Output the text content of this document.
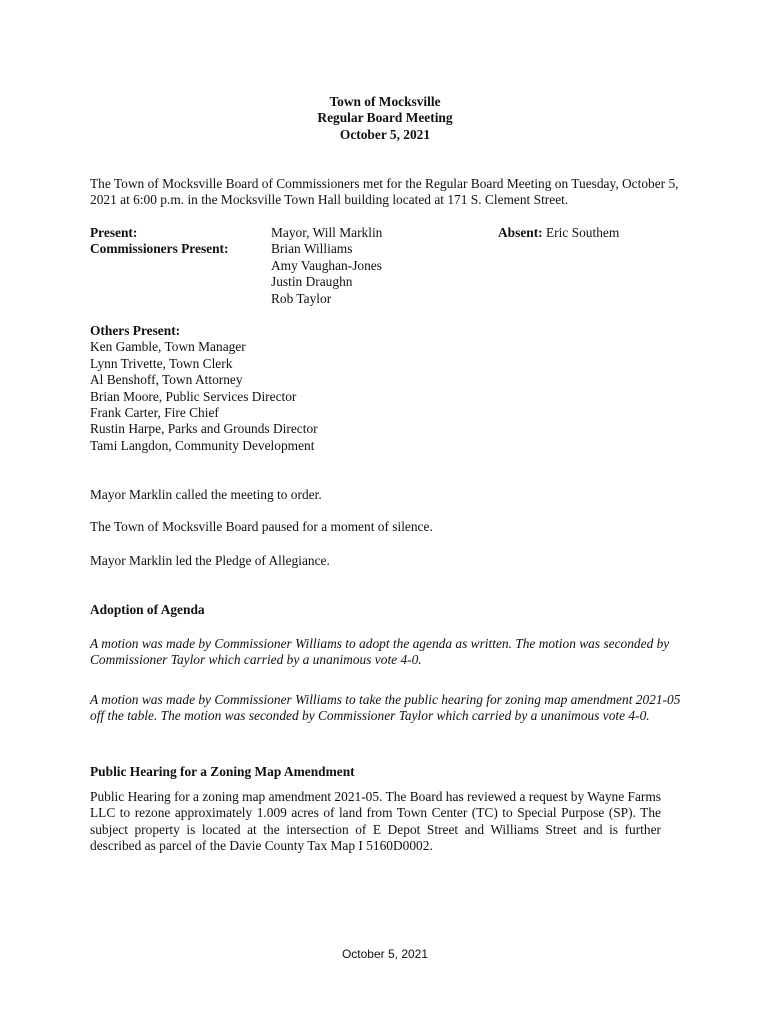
Town of Mocksville
Regular Board Meeting
October 5, 2021
The Town of Mocksville Board of Commissioners met for the Regular Board Meeting on Tuesday, October 5, 2021 at 6:00 p.m. in the Mocksville Town Hall building located at 171 S. Clement Street.
Present:
Commissioners Present:
Mayor, Will Marklin
Brian Williams
Amy Vaughan-Jones
Justin Draughn
Rob Taylor
Absent: Eric Southem
Others Present:
Ken Gamble, Town Manager
Lynn Trivette, Town Clerk
Al Benshoff, Town Attorney
Brian Moore, Public Services Director
Frank Carter, Fire Chief
Rustin Harpe, Parks and Grounds Director
Tami Langdon, Community Development
Mayor Marklin called the meeting to order.
The Town of Mocksville Board paused for a moment of silence.
Mayor Marklin led the Pledge of Allegiance.
Adoption of Agenda
A motion was made by Commissioner Williams to adopt the agenda as written. The motion was seconded by Commissioner Taylor which carried by a unanimous vote 4-0.
A motion was made by Commissioner Williams to take the public hearing for zoning map amendment 2021-05 off the table. The motion was seconded by Commissioner Taylor which carried by a unanimous vote 4-0.
Public Hearing for a Zoning Map Amendment
Public Hearing for a zoning map amendment 2021-05. The Board has reviewed a request by Wayne Farms LLC to rezone approximately 1.009 acres of land from Town Center (TC) to Special Purpose (SP). The subject property is located at the intersection of E Depot Street and Williams Street and is further described as parcel of the Davie County Tax Map I 5160D0002.
October 5, 2021
